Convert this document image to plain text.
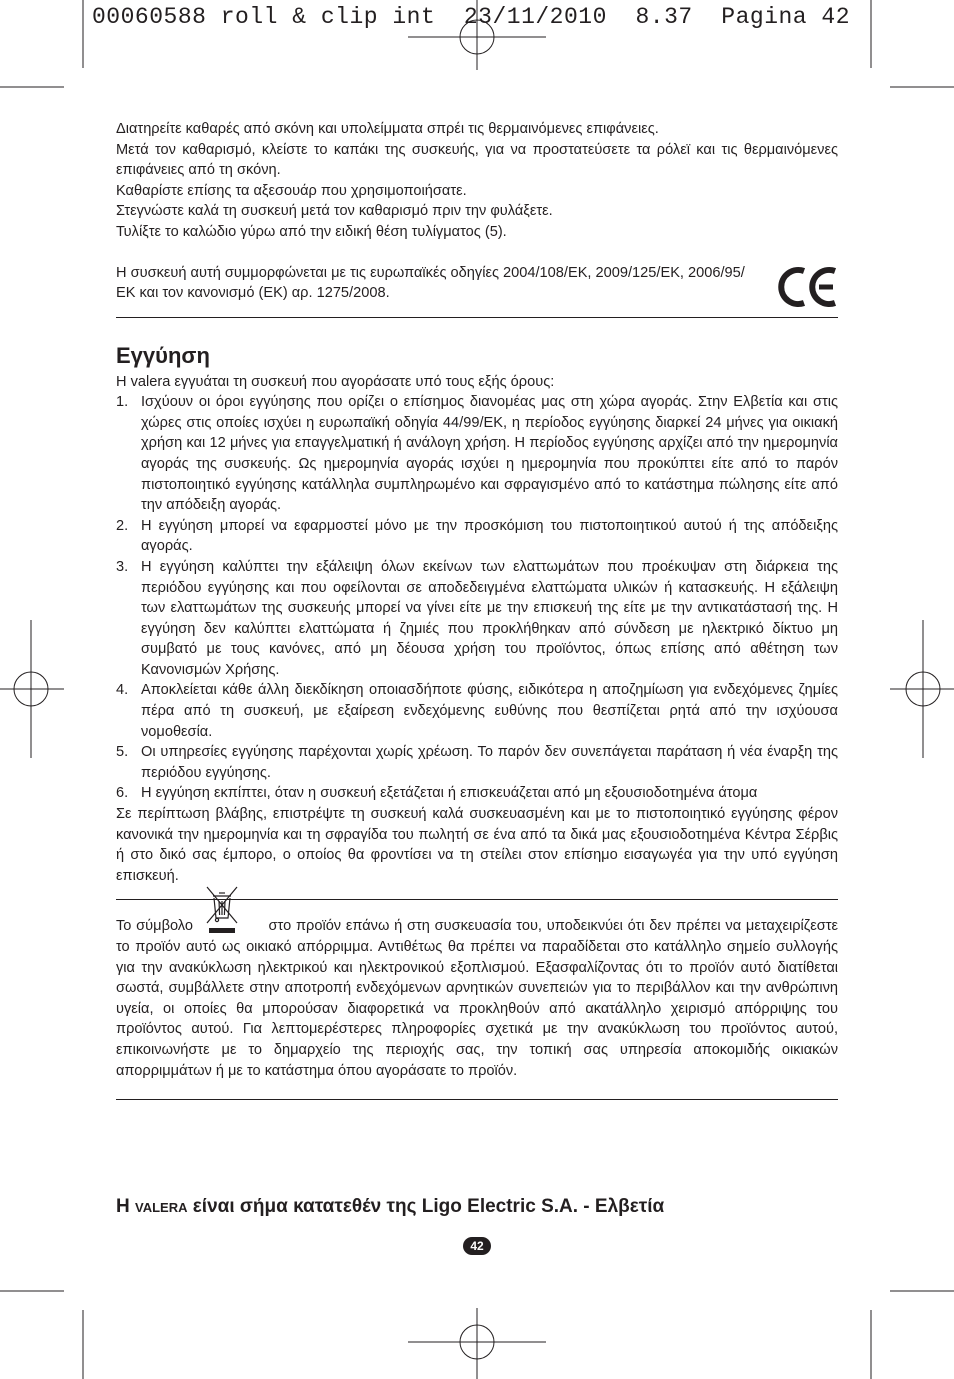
00060588 roll & clip int  23/11/2010  8.37  Pagina 42

Διατηρείτε καθαρές από σκόνη και υπολείμματα σπρέι τις θερμαινόμενες επιφάνειες.

Μετά τον καθαρισμό, κλείστε το καπάκι της συσκευής, για να προστατεύσετε τα ρόλεϊ και τις θερμαινόμενες επιφάνειες από τη σκόνη.

Καθαρίστε επίσης τα αξεσουάρ που χρησιμοποιήσατε.

Στεγνώστε καλά τη συσκευή μετά τον καθαρισμό πριν την φυλάξετε.

Τυλίξτε το καλώδιο γύρω από την ειδική θέση τυλίγματος (5).

Η συσκευή αυτή συμμορφώνεται με τις ευρωπαϊκές οδηγίες 2004/108/ΕΚ, 2009/125/ΕΚ, 2006/95/ΕΚ και τον κανονισμό (ΕΚ) αρ. 1275/2008.

Εγγύηση

Η valera εγγυάται τη συσκευή που αγοράσατε υπό τους εξής όρους:

1. Ισχύουν οι όροι εγγύησης που ορίζει ο επίσημος διανομέας μας στη χώρα αγοράς. Στην Ελβετία και στις χώρες στις οποίες ισχύει η ευρωπαϊκή οδηγία 44/99/ΕΚ, η περίοδος εγγύησης διαρκεί 24 μήνες για οικιακή χρήση και 12 μήνες για επαγγελματική ή ανάλογη χρήση. Η περίοδος εγγύησης αρχίζει από την ημερομηνία αγοράς της συσκευής. Ως ημερομηνία αγοράς ισχύει η ημερομηνία που προκύπτει είτε από το παρόν πιστοποιητικό εγγύησης κατάλληλα συμπληρωμένο και σφραγισμένο από το κατάστημα πώλησης είτε από την απόδειξη αγοράς.
2. Η εγγύηση μπορεί να εφαρμοστεί μόνο με την προσκόμιση του πιστοποιητικού αυτού ή της απόδειξης αγοράς.
3. Η εγγύηση καλύπτει την εξάλειψη όλων εκείνων των ελαττωμάτων που προέκυψαν στη διάρκεια της περιόδου εγγύησης και που οφείλονται σε αποδεδειγμένα ελαττώματα υλικών ή κατασκευής. Η εξάλειψη των ελαττωμάτων της συσκευής μπορεί να γίνει είτε με την επισκευή της είτε με την αντικατάστασή της. Η εγγύηση δεν καλύπτει ελαττώματα ή ζημιές που προκλήθηκαν από σύνδεση με ηλεκτρικό δίκτυο μη συμβατό με τους κανόνες, από μη δέουσα χρήση του προϊόντος, όπως επίσης από αθέτηση των Κανονισμών Χρήσης.
4. Αποκλείεται κάθε άλλη διεκδίκηση οποιασδήποτε φύσης, ειδικότερα η αποζημίωση για ενδεχόμενες ζημίες πέρα από τη συσκευή, με εξαίρεση ενδεχόμενης ευθύνης που θεσπίζεται ρητά από την ισχύουσα νομοθεσία.
5. Οι υπηρεσίες εγγύησης παρέχονται χωρίς χρέωση. Το παρόν δεν συνεπάγεται παράταση ή νέα έναρξη της περιόδου εγγύησης.
6. Η εγγύηση εκπίπτει, όταν η συσκευή εξετάζεται ή επισκευάζεται από μη εξουσιοδοτημένα άτομα

Σε περίπτωση βλάβης, επιστρέψτε τη συσκευή καλά συσκευασμένη και με το πιστοποιητικό εγγύησης φέρον κανονικά την ημερομηνία και τη σφραγίδα του πωλητή σε ένα από τα δικά μας εξουσιοδοτημένα Κέντρα Σέρβις ή στο δικό σας έμπορο, ο οποίος θα φροντίσει να τη στείλει στον επίσημο εισαγωγέα για την υπό εγγύηση επισκευή.

Το σύμβολο	στο προϊόν επάνω ή στη συσκευασία του, υποδεικνύει ότι δεν πρέπει να μεταχειρίζεστε το προϊόν αυτό ως οικιακό απόρριμμα. Αντιθέτως θα πρέπει να παραδίδεται στο κατάλληλο σημείο συλλογής για την ανακύκλωση ηλεκτρικού και ηλεκτρονικού εξοπλισμού. Εξασφαλίζοντας ότι το προϊόν αυτό διατίθεται σωστά, συμβάλλετε στην αποτροπή ενδεχόμενων αρνητικών συνεπειών για το περιβάλλον και την ανθρώπινη υγεία, οι οποίες θα μπορούσαν διαφορετικά να προκληθούν από ακατάλληλο χειρισμό απόρριψης του προϊόντος αυτού. Για λεπτομερέστερες πληροφορίες σχετικά με την ανακύκλωση του προϊόντος αυτού, επικοινωνήστε με το δημαρχείο της περιοχής σας, την τοπική σας υπηρεσία αποκομιδής οικιακών απορριμμάτων ή με το κατάστημα όπου αγοράσατε το προϊόν.

Η VALERA είναι σήμα κατατεθέν της Ligo Electric S.A. - Ελβετία

42
